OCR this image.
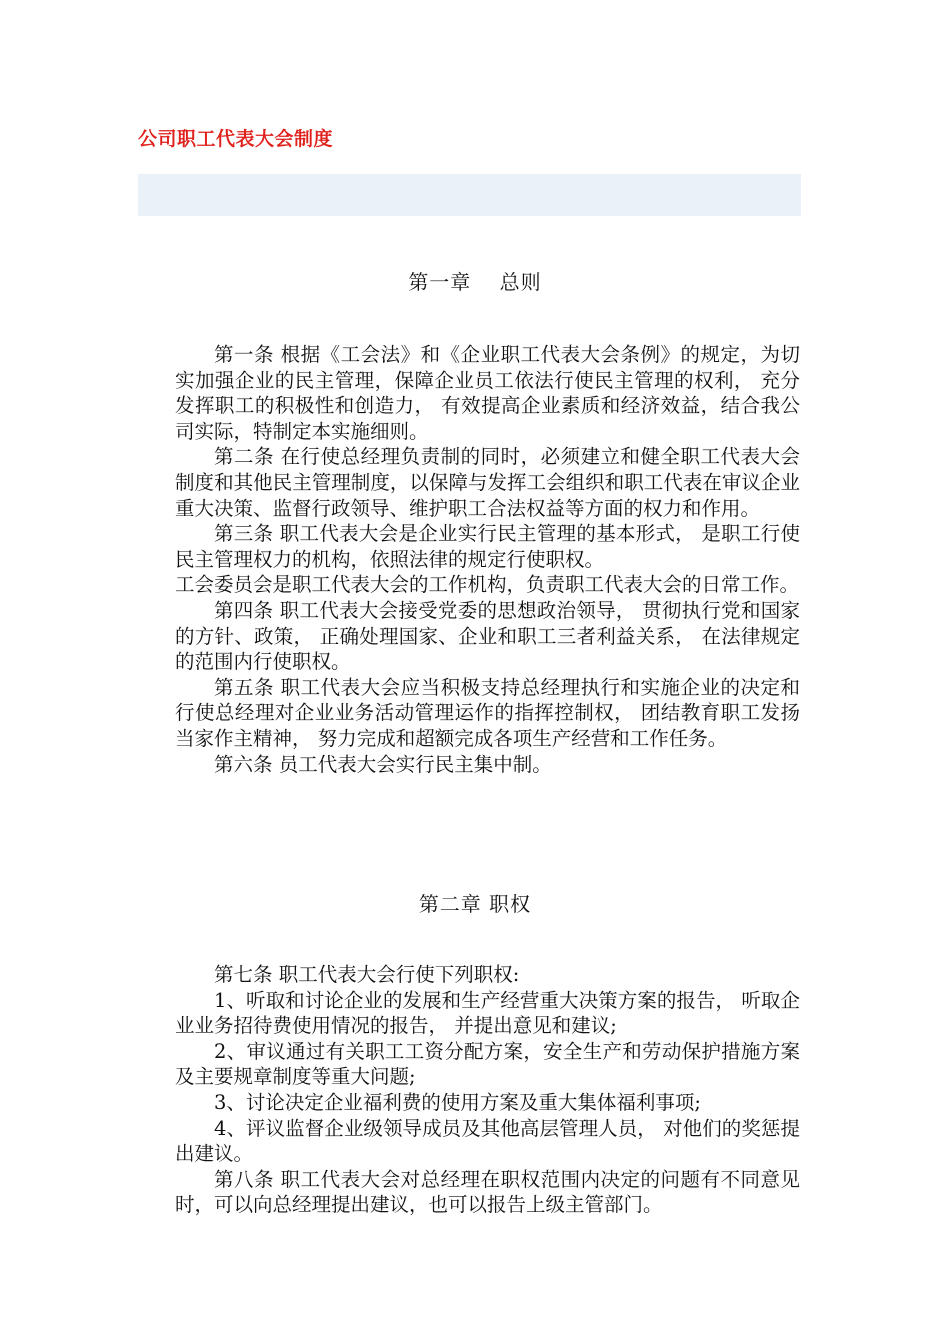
公司职工代表大会制度
第一章　 总则

第一条 根据《工会法》和《企业职工代表大会条例》的规定，为切实加强企业的民主管理，保障企业员工依法行使民主管理的权利， 充分发挥职工的积极性和创造力， 有效提高企业素质和经济效益，结合我公司实际，特制定本实施细则。

第二条 在行使总经理负责制的同时，必须建立和健全职工代表大会制度和其他民主管理制度，以保障与发挥工会组织和职工代表在审议企业重大决策、监督行政领导、维护职工合法权益等方面的权力和作用。

第三条 职工代表大会是企业实行民主管理的基本形式， 是职工行使民主管理权力的机构，依照法律的规定行使职权。

工会委员会是职工代表大会的工作机构，负责职工代表大会的日常工作。

第四条 职工代表大会接受党委的思想政治领导， 贯彻执行党和国家的方针、政策， 正确处理国家、企业和职工三者利益关系， 在法律规定的范围内行使职权。

第五条 职工代表大会应当积极支持总经理执行和实施企业的决定和行使总经理对企业业务活动管理运作的指挥控制权， 团结教育职工发扬当家作主精神， 努力完成和超额完成各项生产经营和工作任务。

第六条 员工代表大会实行民主集中制。

第二章 职权

第七条 职工代表大会行使下列职权:

1、听取和讨论企业的发展和生产经营重大决策方案的报告， 听取企业业务招待费使用情况的报告， 并提出意见和建议;

2、审议通过有关职工工资分配方案，安全生产和劳动保护措施方案及主要规章制度等重大问题;

3、讨论决定企业福利费的使用方案及重大集体福利事项;

4、评议监督企业级领导成员及其他高层管理人员， 对他们的奖惩提出建议。

第八条 职工代表大会对总经理在职权范围内决定的问题有不同意见时，可以向总经理提出建议，也可以报告上级主管部门。
